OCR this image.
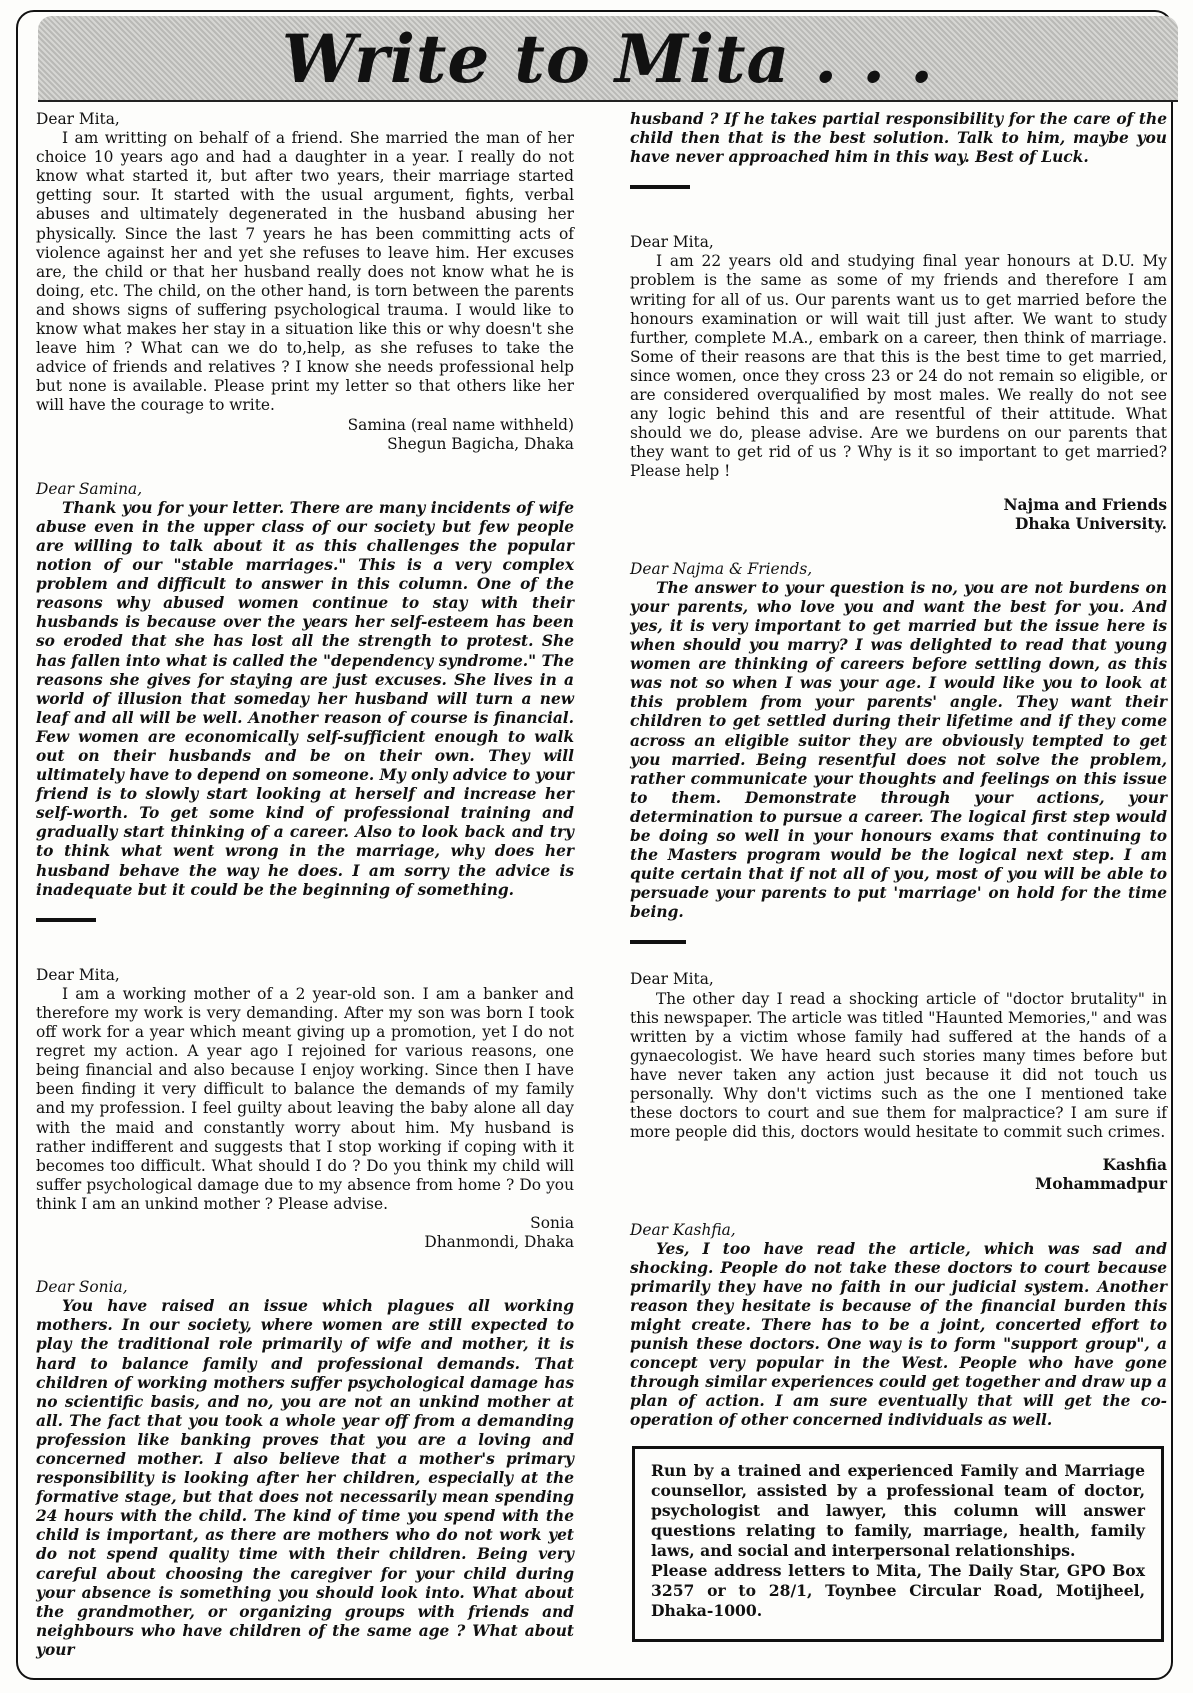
Write to Mita . . .

Dear Mita,

I am writting on behalf of a friend. She married the man of her choice 10 years ago and had a daughter in a year. I really do not know what started it, but after two years, their marriage started getting sour. It started with the usual argument, fights, verbal abuses and ultimately degenerated in the husband abusing her physically. Since the last 7 years he has been committing acts of violence against her and yet she refuses to leave him. Her excuses are, the child or that her husband really does not know what he is doing, etc. The child, on the other hand, is torn between the parents and shows signs of suffering psychological trauma. I would like to know what makes her stay in a situation like this or why doesn't she leave him ? What can we do to,help, as she refuses to take the advice of friends and relatives ? I know she needs professional help but none is available. Please print my letter so that others like her will have the courage to write.

Samina (real name withheld)

Shegun Bagicha, Dhaka

Dear Samina,

Thank you for your letter. There are many incidents of wife abuse even in the upper class of our society but few people are willing to talk about it as this challenges the popular notion of our "stable marriages." This is a very complex problem and difficult to answer in this column. One of the reasons why abused women continue to stay with their husbands is because over the years her self-esteem has been so eroded that she has lost all the strength to protest. She has fallen into what is called the "dependency syndrome." The reasons she gives for staying are just excuses. She lives in a world of illusion that someday her husband will turn a new leaf and all will be well. Another reason of course is financial. Few women are economically self-sufficient enough to walk out on their husbands and be on their own. They will ultimately have to depend on someone. My only advice to your friend is to slowly start looking at herself and increase her self-worth. To get some kind of professional training and gradually start thinking of a career. Also to look back and try to think what went wrong in the marriage, why does her husband behave the way he does. I am sorry the advice is inadequate but it could be the beginning of something.

Dear Mita,

I am a working mother of a 2 year-old son. I am a banker and therefore my work is very demanding. After my son was born I took off work for a year which meant giving up a promotion, yet I do not regret my action. A year ago I rejoined for various reasons, one being financial and also because I enjoy working. Since then I have been finding it very difficult to balance the demands of my family and my profession. I feel guilty about leaving the baby alone all day with the maid and constantly worry about him. My husband is rather indifferent and suggests that I stop working if coping with it becomes too difficult. What should I do ? Do you think my child will suffer psychological damage due to my absence from home ? Do you think I am an unkind mother ? Please advise.

Sonia

Dhanmondi, Dhaka

Dear Sonia,

You have raised an issue which plagues all working mothers. In our society, where women are still expected to play the traditional role primarily of wife and mother, it is hard to balance family and professional demands. That children of working mothers suffer psychological damage has no scientific basis, and no, you are not an unkind mother at all. The fact that you took a whole year off from a demanding profession like banking proves that you are a loving and concerned mother. I also believe that a mother's primary responsibility is looking after her children, especially at the formative stage, but that does not necessarily mean spending 24 hours with the child. The kind of time you spend with the child is important, as there are mothers who do not work yet do not spend quality time with their children. Being very careful about choosing the caregiver for your child during your absence is something you should look into. What about the grandmother, or organizing groups with friends and neighbours who have children of the same age ? What about your

husband ? If he takes partial responsibility for the care of the child then that is the best solution. Talk to him, maybe you have never approached him in this way. Best of Luck.

Dear Mita,

I am 22 years old and studying final year honours at D.U. My problem is the same as some of my friends and therefore I am writing for all of us. Our parents want us to get married before the honours examination or will wait till just after. We want to study further, complete M.A., embark on a career, then think of marriage. Some of their reasons are that this is the best time to get married, since women, once they cross 23 or 24 do not remain so eligible, or are considered overqualified by most males. We really do not see any logic behind this and are resentful of their attitude. What should we do, please advise. Are we burdens on our parents that they want to get rid of us ? Why is it so important to get married? Please help !

Najma and Friends

Dhaka University.

Dear Najma & Friends,

The answer to your question is no, you are not burdens on your parents, who love you and want the best for you. And yes, it is very important to get married but the issue here is when should you marry? I was delighted to read that young women are thinking of careers before settling down, as this was not so when I was your age. I would like you to look at this problem from your parents' angle. They want their children to get settled during their lifetime and if they come across an eligible suitor they are obviously tempted to get you married. Being resentful does not solve the problem, rather communicate your thoughts and feelings on this issue to them. Demonstrate through your actions, your determination to pursue a career. The logical first step would be doing so well in your honours exams that continuing to the Masters program would be the logical next step. I am quite certain that if not all of you, most of you will be able to persuade your parents to put 'marriage' on hold for the time being.

Dear Mita,

The other day I read a shocking article of "doctor brutality" in this newspaper. The article was titled "Haunted Memories," and was written by a victim whose family had suffered at the hands of a gynaecologist. We have heard such stories many times before but have never taken any action just because it did not touch us personally. Why don't victims such as the one I mentioned take these doctors to court and sue them for malpractice? I am sure if more people did this, doctors would hesitate to commit such crimes.

Kashfia

Mohammadpur

Dear Kashfia,

Yes, I too have read the article, which was sad and shocking. People do not take these doctors to court because primarily they have no faith in our judicial system. Another reason they hesitate is because of the financial burden this might create. There has to be a joint, concerted effort to punish these doctors. One way is to form "support group", a concept very popular in the West. People who have gone through similar experiences could get together and draw up a plan of action. I am sure eventually that will get the co-operation of other concerned individuals as well.

Run by a trained and experienced Family and Marriage counsellor, assisted by a professional team of doctor, psychologist and lawyer, this column will answer questions relating to family, marriage, health, family laws, and social and interpersonal relationships.

Please address letters to Mita, The Daily Star, GPO Box 3257 or to 28/1, Toynbee Circular Road, Motijheel, Dhaka-1000.
